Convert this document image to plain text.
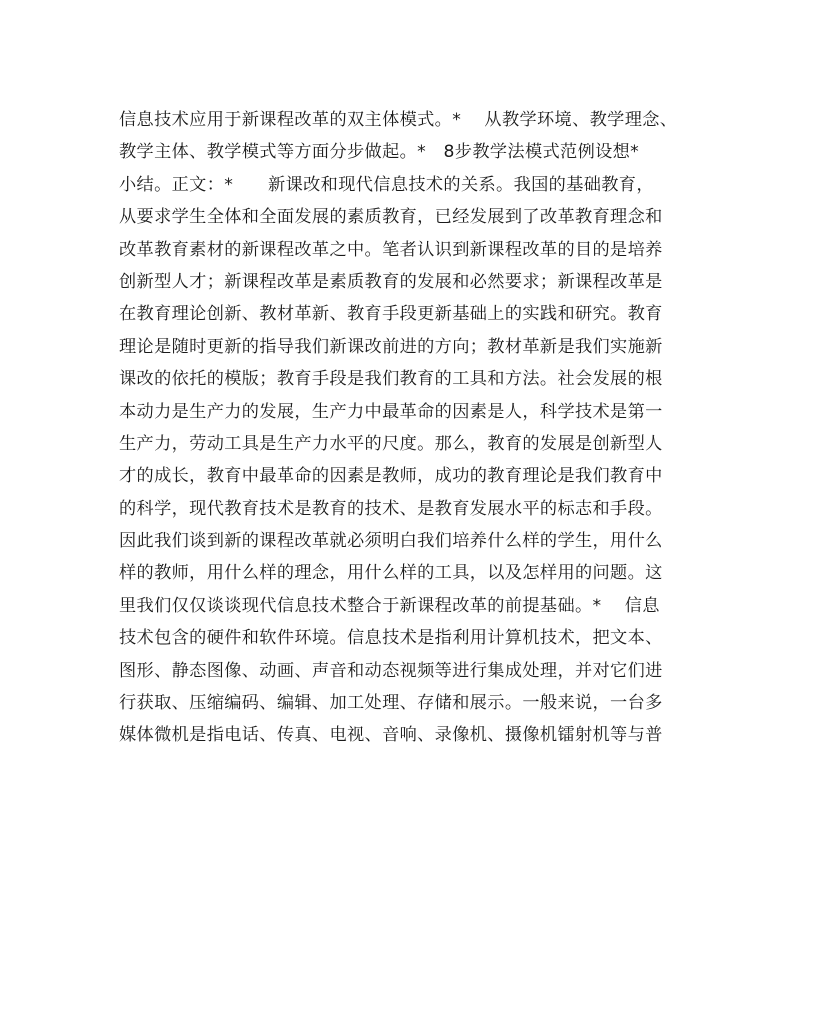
信息技术应用于新课程改革的双主体模式。*    从教学环境、教学理念、
教学主体、教学模式等方面分步做起。*   8步教学法模式范例设想*
小结。正文：*      新课改和现代信息技术的关系。我国的基础教育，
从要求学生全体和全面发展的素质教育，已经发展到了改革教育理念和
改革教育素材的新课程改革之中。笔者认识到新课程改革的目的是培养
创新型人才；新课程改革是素质教育的发展和必然要求；新课程改革是
在教育理论创新、教材革新、教育手段更新基础上的实践和研究。教育
理论是随时更新的指导我们新课改前进的方向；教材革新是我们实施新
课改的依托的模版；教育手段是我们教育的工具和方法。社会发展的根
本动力是生产力的发展，生产力中最革命的因素是人，科学技术是第一
生产力，劳动工具是生产力水平的尺度。那么，教育的发展是创新型人
才的成长，教育中最革命的因素是教师，成功的教育理论是我们教育中
的科学，现代教育技术是教育的技术、是教育发展水平的标志和手段。
因此我们谈到新的课程改革就必须明白我们培养什么样的学生，用什么
样的教师，用什么样的理念，用什么样的工具，以及怎样用的问题。这
里我们仅仅谈谈现代信息技术整合于新课程改革的前提基础。*    信息
技术包含的硬件和软件环境。信息技术是指利用计算机技术，把文本、
图形、静态图像、动画、声音和动态视频等进行集成处理，并对它们进
行获取、压缩编码、编辑、加工处理、存储和展示。一般来说，一台多
媒体微机是指电话、传真、电视、音响、录像机、摄像机镭射机等与普
